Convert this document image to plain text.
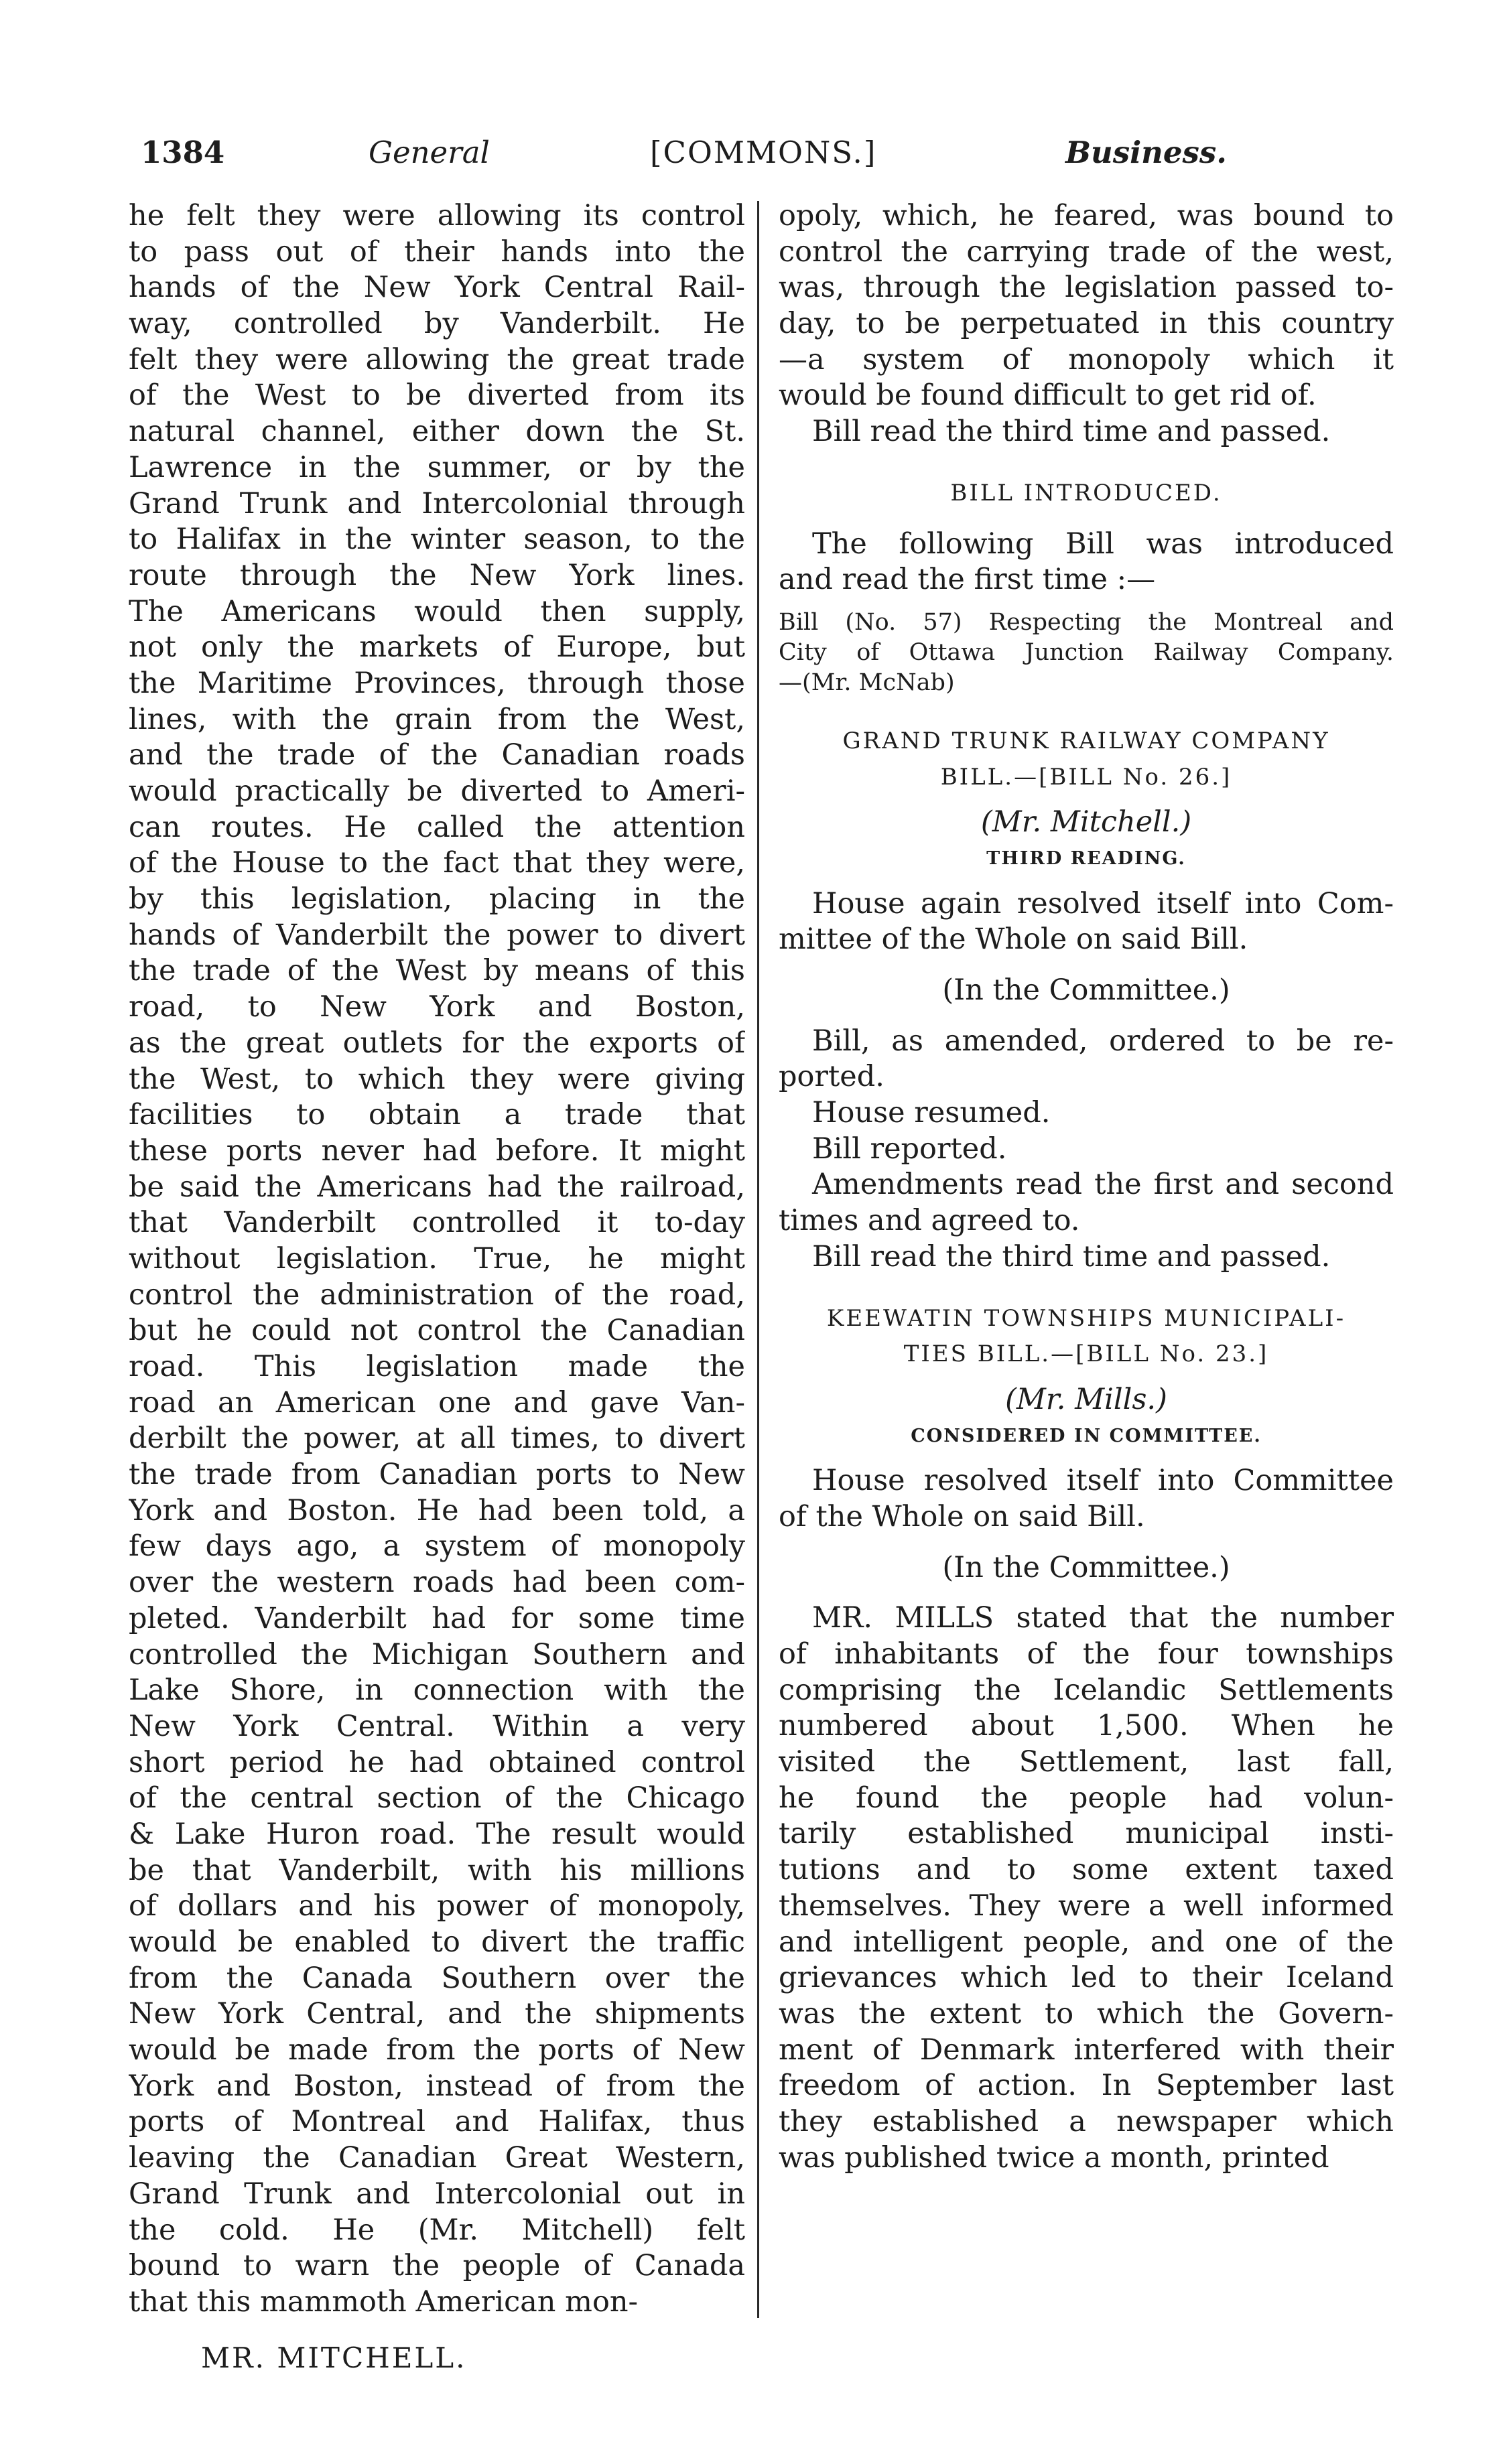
1384	General	[COMMONS.]	Business.
he felt they were allowing its control
to pass out of their hands into the
hands of the New York Central Rail-
way, controlled by Vanderbilt. He
felt they were allowing the great trade
of the West to be diverted from its
natural channel, either down the St.
Lawrence in the summer, or by the
Grand Trunk and Intercolonial through
to Halifax in the winter season, to the
route through the New York lines.
The Americans would then supply,
not only the markets of Europe, but
the Maritime Provinces, through those
lines, with the grain from the West,
and the trade of the Canadian roads
would practically be diverted to Ameri-
can routes. He called the attention
of the House to the fact that they were,
by this legislation, placing in the
hands of Vanderbilt the power to divert
the trade of the West by means of this
road, to New York and Boston,
as the great outlets for the exports of
the West, to which they were giving
facilities to obtain a trade that
these ports never had before. It might
be said the Americans had the railroad,
that Vanderbilt controlled it to-day
without legislation. True, he might
control the administration of the road,
but he could not control the Canadian
road. This legislation made the
road an American one and gave Van-
derbilt the power, at all times, to divert
the trade from Canadian ports to New
York and Boston. He had been told, a
few days ago, a system of monopoly
over the western roads had been com-
pleted. Vanderbilt had for some time
controlled the Michigan Southern and
Lake Shore, in connection with the
New York Central. Within a very
short period he had obtained control
of the central section of the Chicago
& Lake Huron road. The result would
be that Vanderbilt, with his millions
of dollars and his power of monopoly,
would be enabled to divert the traffic
from the Canada Southern over the
New York Central, and the shipments
would be made from the ports of New
York and Boston, instead of from the
ports of Montreal and Halifax, thus
leaving the Canadian Great Western,
Grand Trunk and Intercolonial out in
the cold. He (Mr. Mitchell) felt
bound to warn the people of Canada
that this mammoth American mon-
opoly, which, he feared, was bound to
control the carrying trade of the west,
was, through the legislation passed to-
day, to be perpetuated in this country
—a system of monopoly which it
would be found difficult to get rid of.
Bill read the third time and passed.
BILL INTRODUCED.
The following Bill was introduced
and read the first time :—
Bill (No. 57) Respecting the Montreal and
City of Ottawa Junction Railway Company.
—(Mr. McNab)
GRAND TRUNK RAILWAY COMPANY
BILL.—[BILL No. 26.]
(Mr. Mitchell.)
THIRD READING.
House again resolved itself into Com-
mittee of the Whole on said Bill.
(In the Committee.)
Bill, as amended, ordered to be re-
ported.
House resumed.
Bill reported.
Amendments read the first and second
times and agreed to.
Bill read the third time and passed.
KEEWATIN TOWNSHIPS MUNICIPALI-
TIES BILL.—[BILL No. 23.]
(Mr. Mills.)
CONSIDERED IN COMMITTEE.
House resolved itself into Committee
of the Whole on said Bill.
(In the Committee.)
MR. MILLS stated that the number
of inhabitants of the four townships
comprising the Icelandic Settlements
numbered about 1,500. When he
visited the Settlement, last fall,
he found the people had volun-
tarily established municipal insti-
tutions and to some extent taxed
themselves. They were a well informed
and intelligent people, and one of the
grievances which led to their Iceland
was the extent to which the Govern-
ment of Denmark interfered with their
freedom of action. In September last
they established a newspaper which
was published twice a month, printed
MR. MITCHELL.
